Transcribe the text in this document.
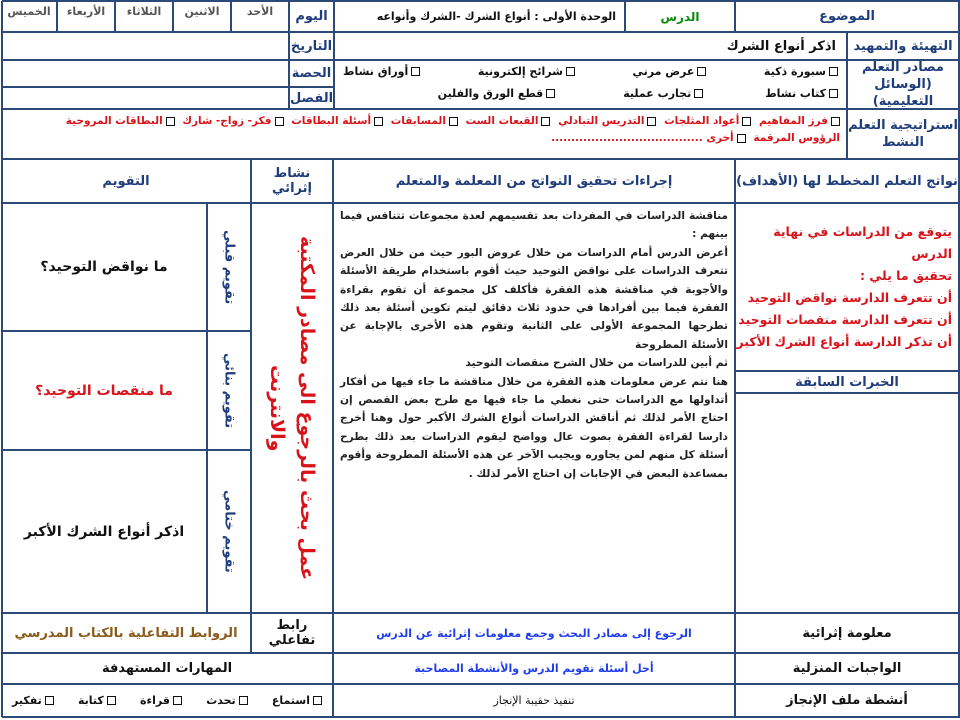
الموضوع
الدرس
الوحدة الأولى : أنواع الشرك -الشرك وأنواعه
اليوم
الأحد
الاثنين
الثلاثاء
الأربعاء
الخميس
التهيئة والتمهيد
اذكر أنواع الشرك
التاريخ
مصادر التعلم
(الوسائل التعليمية)
سبورة ذكية
عرض مرني
شرائح إلكترونية
أوراق نشاط
كتاب نشاط
تجارب عملية
قطع الورق والفلين
الحصة
الفصل
استراتيجية التعلم
النشط
فرز المفاهيم أعواد المثلجات التدريس التبادلي القبعات الست المسابقات أسئلة البطاقات فكر- زواج- شارك البطاقات المروحية الرؤوس المرقمة أخرى ......................................
نواتج التعلم المخطط لها (الأهداف)
إجراءات تحقيق النواتج من المعلمة والمتعلم
نشاط إثرائي
التقويم
يتوقع من الدراسات في نهاية الدرس
تحقيق ما يلي :
أن تتعرف الدارسة نواقض التوحيد
أن تتعرف الدارسة منقصات التوحيد
أن تذكر الدارسة أنواع الشرك الأكبر
الخبرات السابقة

مناقشة الدراسات في المفردات بعد تقسيمهم لعدة مجموعات تتنافس فيما بينهم :

أعرض الدرس أمام الدراسات من خلال عروض البور حيث من خلال العرض تتعرف الدراسات على نواقض التوحيد حيث أقوم باستخدام طريقة الأسئلة والأجوبة في مناقشة هذه الفقرة فأكلف كل مجموعة أن تقوم بقراءة الفقرة فيما بين أفرادها في حدود ثلاث دقائق ليتم تكوين أسئلة بعد ذلك تطرحها المجموعة الأولى على الثانية وتقوم هذه الأخرى بالإجابة عن الأسئلة المطروحة

ثم أبين للدراسات من خلال الشرح منقصات التوحيد

هنا نتم عرض معلومات هذه الفقرة من خلال مناقشة ما جاء فيها من أفكار أتداولها مع الدراسات حتى نغطي ما جاء فيها مع طرح بعض القصص إن احتاج الأمر لذلك ثم أناقش الدراسات أنواع الشرك الأكبر حول وهنا أخرج دارسا لقراءة الفقرة بصوت عال وواضح ليقوم الدراسات بعد ذلك بطرح أسئلة كل منهم لمن يجاوره ويجيب الآخر عن هذه الأسئلة المطروحة وأقوم بمساعدة البعض في الإجابات إن احتاج الأمر لذلك .

عمل بحث بالرجوع الى مصادر المكتبة والانترنت
تقويم قبلي
ما نواقض التوحيد؟
تقويم بنائي
ما منقصات التوحيد؟
تقويم ختامي
اذكر أنواع الشرك الأكبر
معلومة إثرائية
الرجوع إلى مصادر البحث وجمع معلومات إثرائية عن الدرس
رابط تفاعلي
الروابط التفاعلية بالكتاب المدرسي
الواجبات المنزلية
أحل أسئلة تقويم الدرس والأنشطة المصاحبة
المهارات المستهدفة
أنشطة ملف الإنجاز
تنفيذ حقيبة الإنجاز
استماع
تحدث
قراءة
كتابة
تفكير
